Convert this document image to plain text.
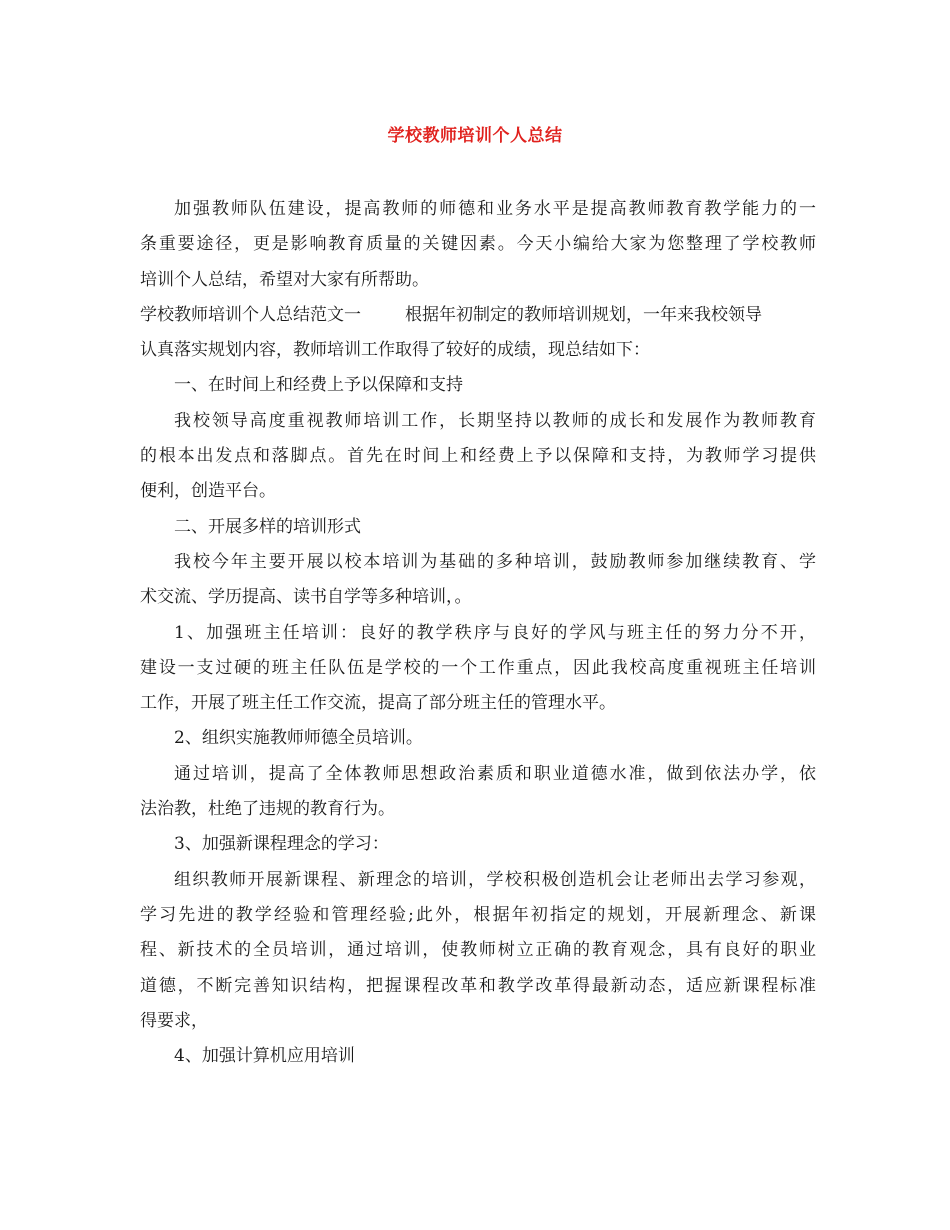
学校教师培训个人总结

加强教师队伍建设，提高教师的师德和业务水平是提高教师教育教学能力的一

条重要途径，更是影响教育质量的关键因素。今天小编给大家为您整理了学校教师

培训个人总结，希望对大家有所帮助。

学校教师培训个人总结范文一	根据年初制定的教师培训规划，一年来我校领导

认真落实规划内容，教师培训工作取得了较好的成绩，现总结如下：

一、在时间上和经费上予以保障和支持

我校领导高度重视教师培训工作，长期坚持以教师的成长和发展作为教师教育

的根本出发点和落脚点。首先在时间上和经费上予以保障和支持，为教师学习提供

便利，创造平台。

二、开展多样的培训形式

我校今年主要开展以校本培训为基础的多种培训，鼓励教师参加继续教育、学

术交流、学历提高、读书自学等多种培训，。

1、加强班主任培训：良好的教学秩序与良好的学风与班主任的努力分不开，

建设一支过硬的班主任队伍是学校的一个工作重点，因此我校高度重视班主任培训

工作，开展了班主任工作交流，提高了部分班主任的管理水平。

2、组织实施教师师德全员培训。

通过培训，提高了全体教师思想政治素质和职业道德水准，做到依法办学，依

法治教，杜绝了违规的教育行为。

3、加强新课程理念的学习：

组织教师开展新课程、新理念的培训，学校积极创造机会让老师出去学习参观，

学习先进的教学经验和管理经验;此外，根据年初指定的规划，开展新理念、新课

程、新技术的全员培训，通过培训，使教师树立正确的教育观念，具有良好的职业

道德，不断完善知识结构，把握课程改革和教学改革得最新动态，适应新课程标准

得要求，

4、加强计算机应用培训
